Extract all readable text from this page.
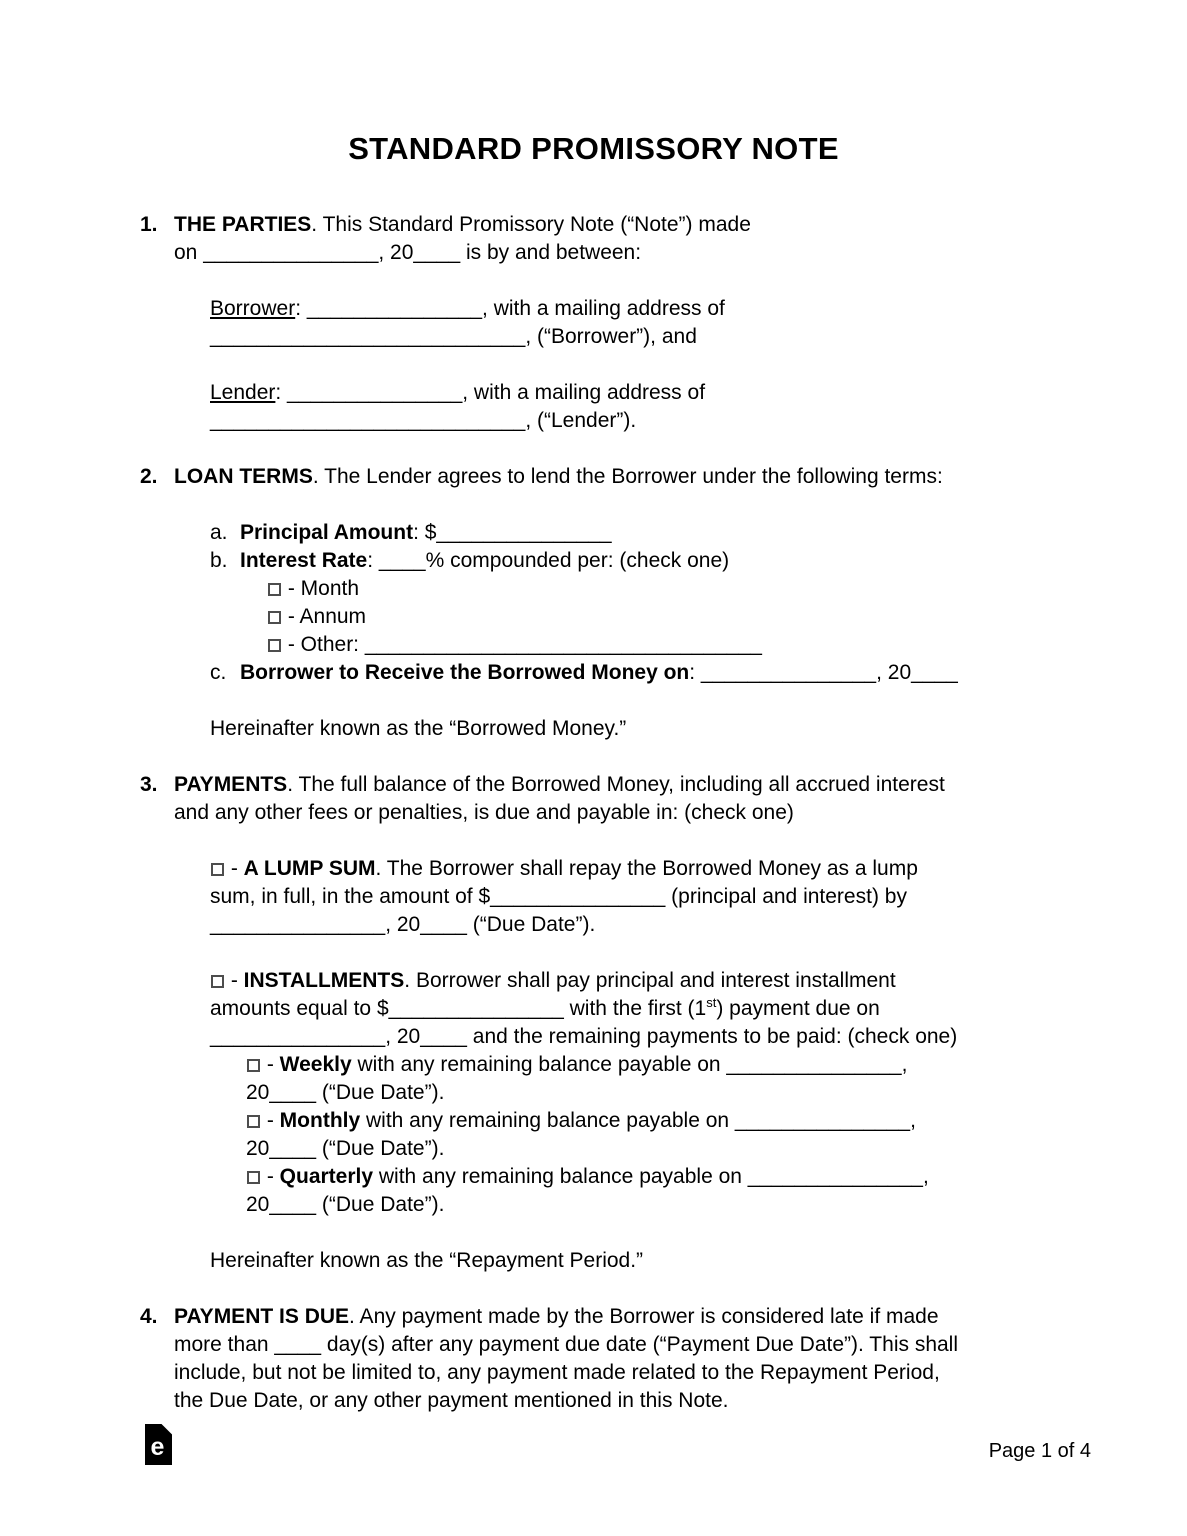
STANDARD PROMISSORY NOTE
1. THE PARTIES. This Standard Promissory Note (“Note”) made
on _______________, 20____ is by and between:
Borrower: _______________, with a mailing address of
___________________________, (“Borrower”), and
Lender: _______________, with a mailing address of
___________________________, (“Lender”).
2. LOAN TERMS. The Lender agrees to lend the Borrower under the following terms:
a. Principal Amount: $_______________
b. Interest Rate: ____% compounded per: (check one)
- Month
- Annum
- Other: __________________________________
c. Borrower to Receive the Borrowed Money on: _______________, 20____
Hereinafter known as the “Borrowed Money.”
3. PAYMENTS. The full balance of the Borrowed Money, including all accrued interest
and any other fees or penalties, is due and payable in: (check one)
- A LUMP SUM. The Borrower shall repay the Borrowed Money as a lump
sum, in full, in the amount of $_______________ (principal and interest) by
_______________, 20____ (“Due Date”).
- INSTALLMENTS. Borrower shall pay principal and interest installment
amounts equal to $_______________ with the first (1st) payment due on
_______________, 20____ and the remaining payments to be paid: (check one)
- Weekly with any remaining balance payable on _______________,
20____ (“Due Date”).
- Monthly with any remaining balance payable on _______________,
20____ (“Due Date”).
- Quarterly with any remaining balance payable on _______________,
20____ (“Due Date”).
Hereinafter known as the “Repayment Period.”
4. PAYMENT IS DUE. Any payment made by the Borrower is considered late if made
more than ____ day(s) after any payment due date (“Payment Due Date”). This shall
include, but not be limited to, any payment made related to the Repayment Period,
the Due Date, or any other payment mentioned in this Note.
e	Page 1 of 4
